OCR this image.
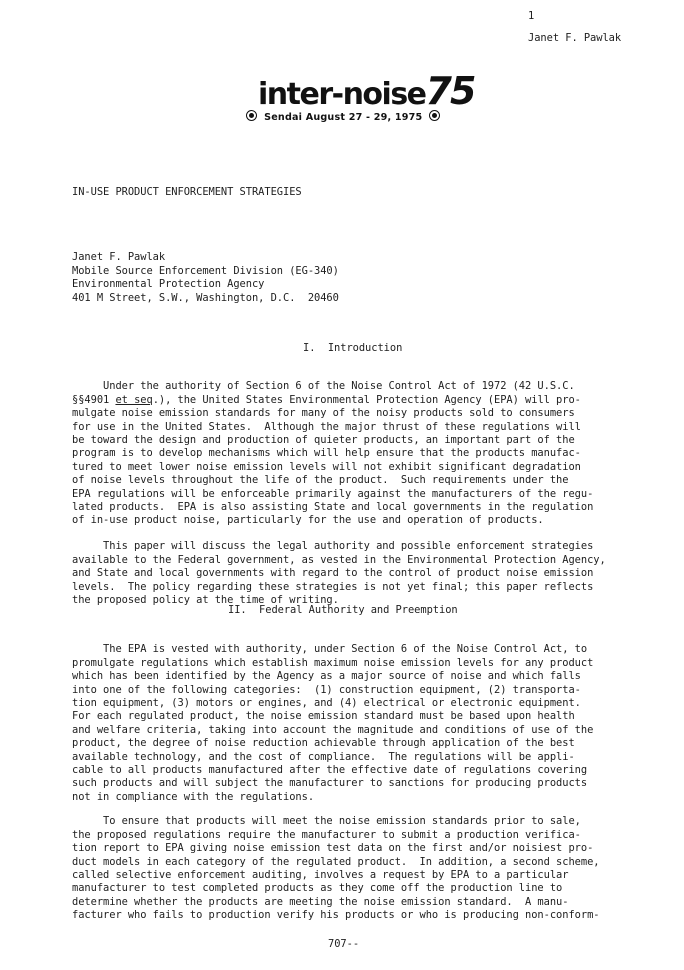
1
Janet F. Pawlak
inter-noise75
Sendai August 27 - 29, 1975
IN-USE PRODUCT ENFORCEMENT STRATEGIES

Janet F. Pawlak
Mobile Source Enforcement Division (EG-340)
Environmental Protection Agency
401 M Street, S.W., Washington, D.C.  20460

I.  Introduction

Under the authority of Section 6 of the Noise Control Act of 1972 (42 U.S.C.
§§4901 et seq.), the United States Environmental Protection Agency (EPA) will pro-
mulgate noise emission standards for many of the noisy products sold to consumers
for use in the United States.  Although the major thrust of these regulations will
be toward the design and production of quieter products, an important part of the
program is to develop mechanisms which will help ensure that the products manufac-
tured to meet lower noise emission levels will not exhibit significant degradation
of noise levels throughout the life of the product.  Such requirements under the
EPA regulations will be enforceable primarily against the manufacturers of the regu-
lated products.  EPA is also assisting State and local governments in the regulation
of in-use product noise, particularly for the use and operation of products.

This paper will discuss the legal authority and possible enforcement strategies
available to the Federal government, as vested in the Environmental Protection Agency,
and State and local governments with regard to the control of product noise emission
levels.  The policy regarding these strategies is not yet final; this paper reflects
the proposed policy at the time of writing.

II.  Federal Authority and Preemption

The EPA is vested with authority, under Section 6 of the Noise Control Act, to
promulgate regulations which establish maximum noise emission levels for any product
which has been identified by the Agency as a major source of noise and which falls
into one of the following categories:  (1) construction equipment, (2) transporta-
tion equipment, (3) motors or engines, and (4) electrical or electronic equipment.
For each regulated product, the noise emission standard must be based upon health
and welfare criteria, taking into account the magnitude and conditions of use of the
product, the degree of noise reduction achievable through application of the best
available technology, and the cost of compliance.  The regulations will be appli-
cable to all products manufactured after the effective date of regulations covering
such products and will subject the manufacturer to sanctions for producing products
not in compliance with the regulations.

To ensure that products will meet the noise emission standards prior to sale,
the proposed regulations require the manufacturer to submit a production verifica-
tion report to EPA giving noise emission test data on the first and/or noisiest pro-
duct models in each category of the regulated product.  In addition, a second scheme,
called selective enforcement auditing, involves a request by EPA to a particular
manufacturer to test completed products as they come off the production line to
determine whether the products are meeting the noise emission standard.  A manu-
facturer who fails to production verify his products or who is producing non-conform-

707--
